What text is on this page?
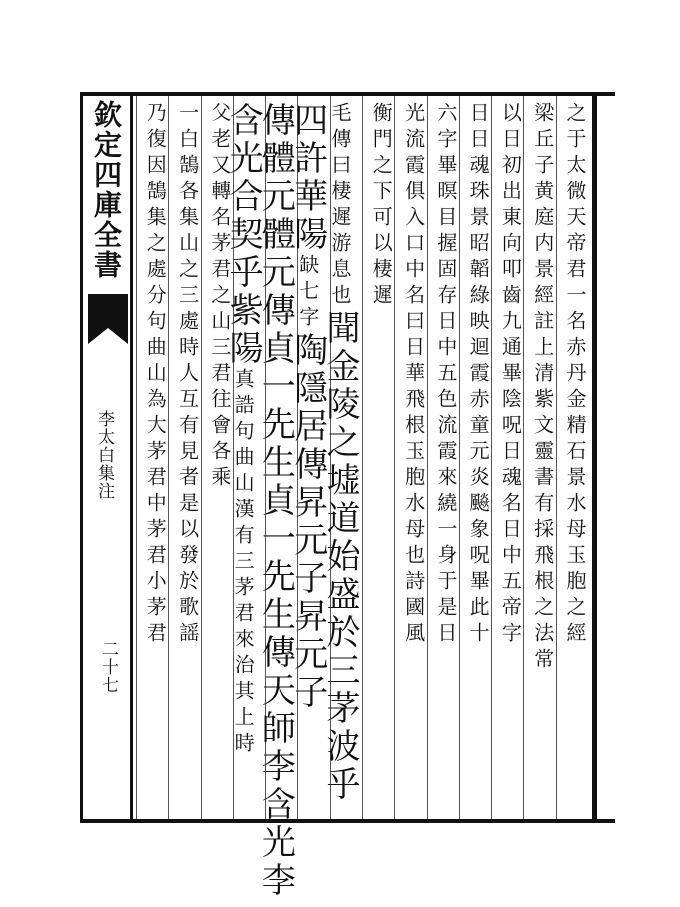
欽定四庫全書
李太白集注
二十七
之于太微天帝君一名赤丹金精石景水母玉胞之經
梁丘子黄庭内景經註上清紫文靈書有採飛根之法常
以日初出東向叩齒九通畢陰呪日魂名日中五帝字
日日魂珠景昭韜綠映迴霞赤童元炎飈象呪畢此十
六字畢暝目握固存日中五色流霞來繞一身于是日
光流霞俱入口中名曰日華飛根玉胞水母也詩國風
衡門之下可以棲遲
毛傳曰棲遲游息也聞金陵之墟道始盛於三茅波乎
四許華陽缺七字陶隱居傳昇元子昇元子
傳體元體元傳貞一先生貞一先生傳天師李含光李
含光合契乎紫陽真誥句曲山漢有三茅君來治其上時
父老又轉名茅君之山三君往會各乘
一白鵠各集山之三處時人互有見者是以發於歌謡
乃復因鵠集之處分句曲山為大茅君中茅君小茅君
